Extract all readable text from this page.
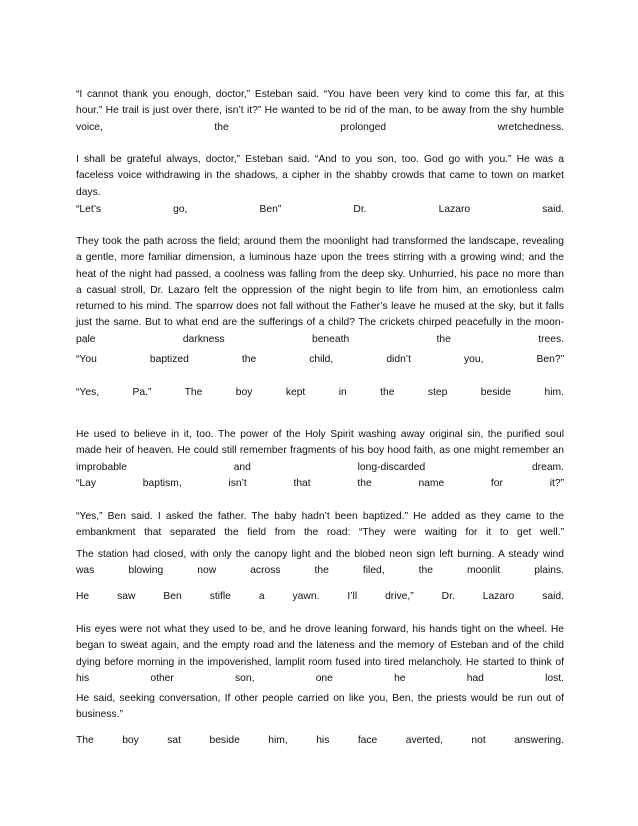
“I cannot thank you enough, doctor,” Esteban said. “You have been very kind to come this far, at this hour.” He trail is just over there, isn’t it?” He wanted to be rid of the man, to be away from the shy humble voice, the prolonged wretchedness.

I shall be grateful always, doctor,” Esteban said. “And to you son, too. God go with you.” He was a faceless voice withdrawing in the shadows, a cipher in the shabby crowds that came to town on market days.

“Let’s go, Ben” Dr. Lazaro said.

They took the path across the field; around them the moonlight had transformed the landscape, revealing a gentle, more familiar dimension, a luminous haze upon the trees stirring with a growing wind; and the heat of the night had passed, a coolness was falling from the deep sky. Unhurried, his pace no more than a casual stroll, Dr. Lazaro felt the oppression of the night begin to life from him, an emotionless calm returned to his mind. The sparrow does not fall without the Father’s leave he mused at the sky, but it falls just the same. But to what end are the sufferings of a child? The crickets chirped peacefully in the moon-pale darkness beneath the trees.

“You baptized the child, didn’t you, Ben?”

“Yes, Pa.” The boy kept in the step beside him.

He used to believe in it, too. The power of the Holy Spirit washing away original sin, the purified soul made heir of heaven. He could still remember fragments of his boy hood faith, as one might remember an improbable and long-discarded dream.

“Lay baptism, isn’t that the name for it?”

“Yes,” Ben said. I asked the father. The baby hadn’t been baptized.” He added as they came to the embankment that separated the field from the road: “They were waiting for it to get well.”

The station had closed, with only the canopy light and the blobed neon sign left burning. A steady wind was blowing now across the filed, the moonlit plains.

He saw Ben stifle a yawn. I’ll drive,” Dr. Lazaro said.

His eyes were not what they used to be, and he drove leaning forward, his hands tight on the wheel. He began to sweat again, and the empty road and the lateness and the memory of Esteban and of the child dying before morning in the impoverished, lamplit room fused into tired melancholy. He started to think of his other son, one he had lost.

He said, seeking conversation, If other people carried on like you, Ben, the priests would be run out of business.”

The boy sat beside him, his face averted, not answering.
